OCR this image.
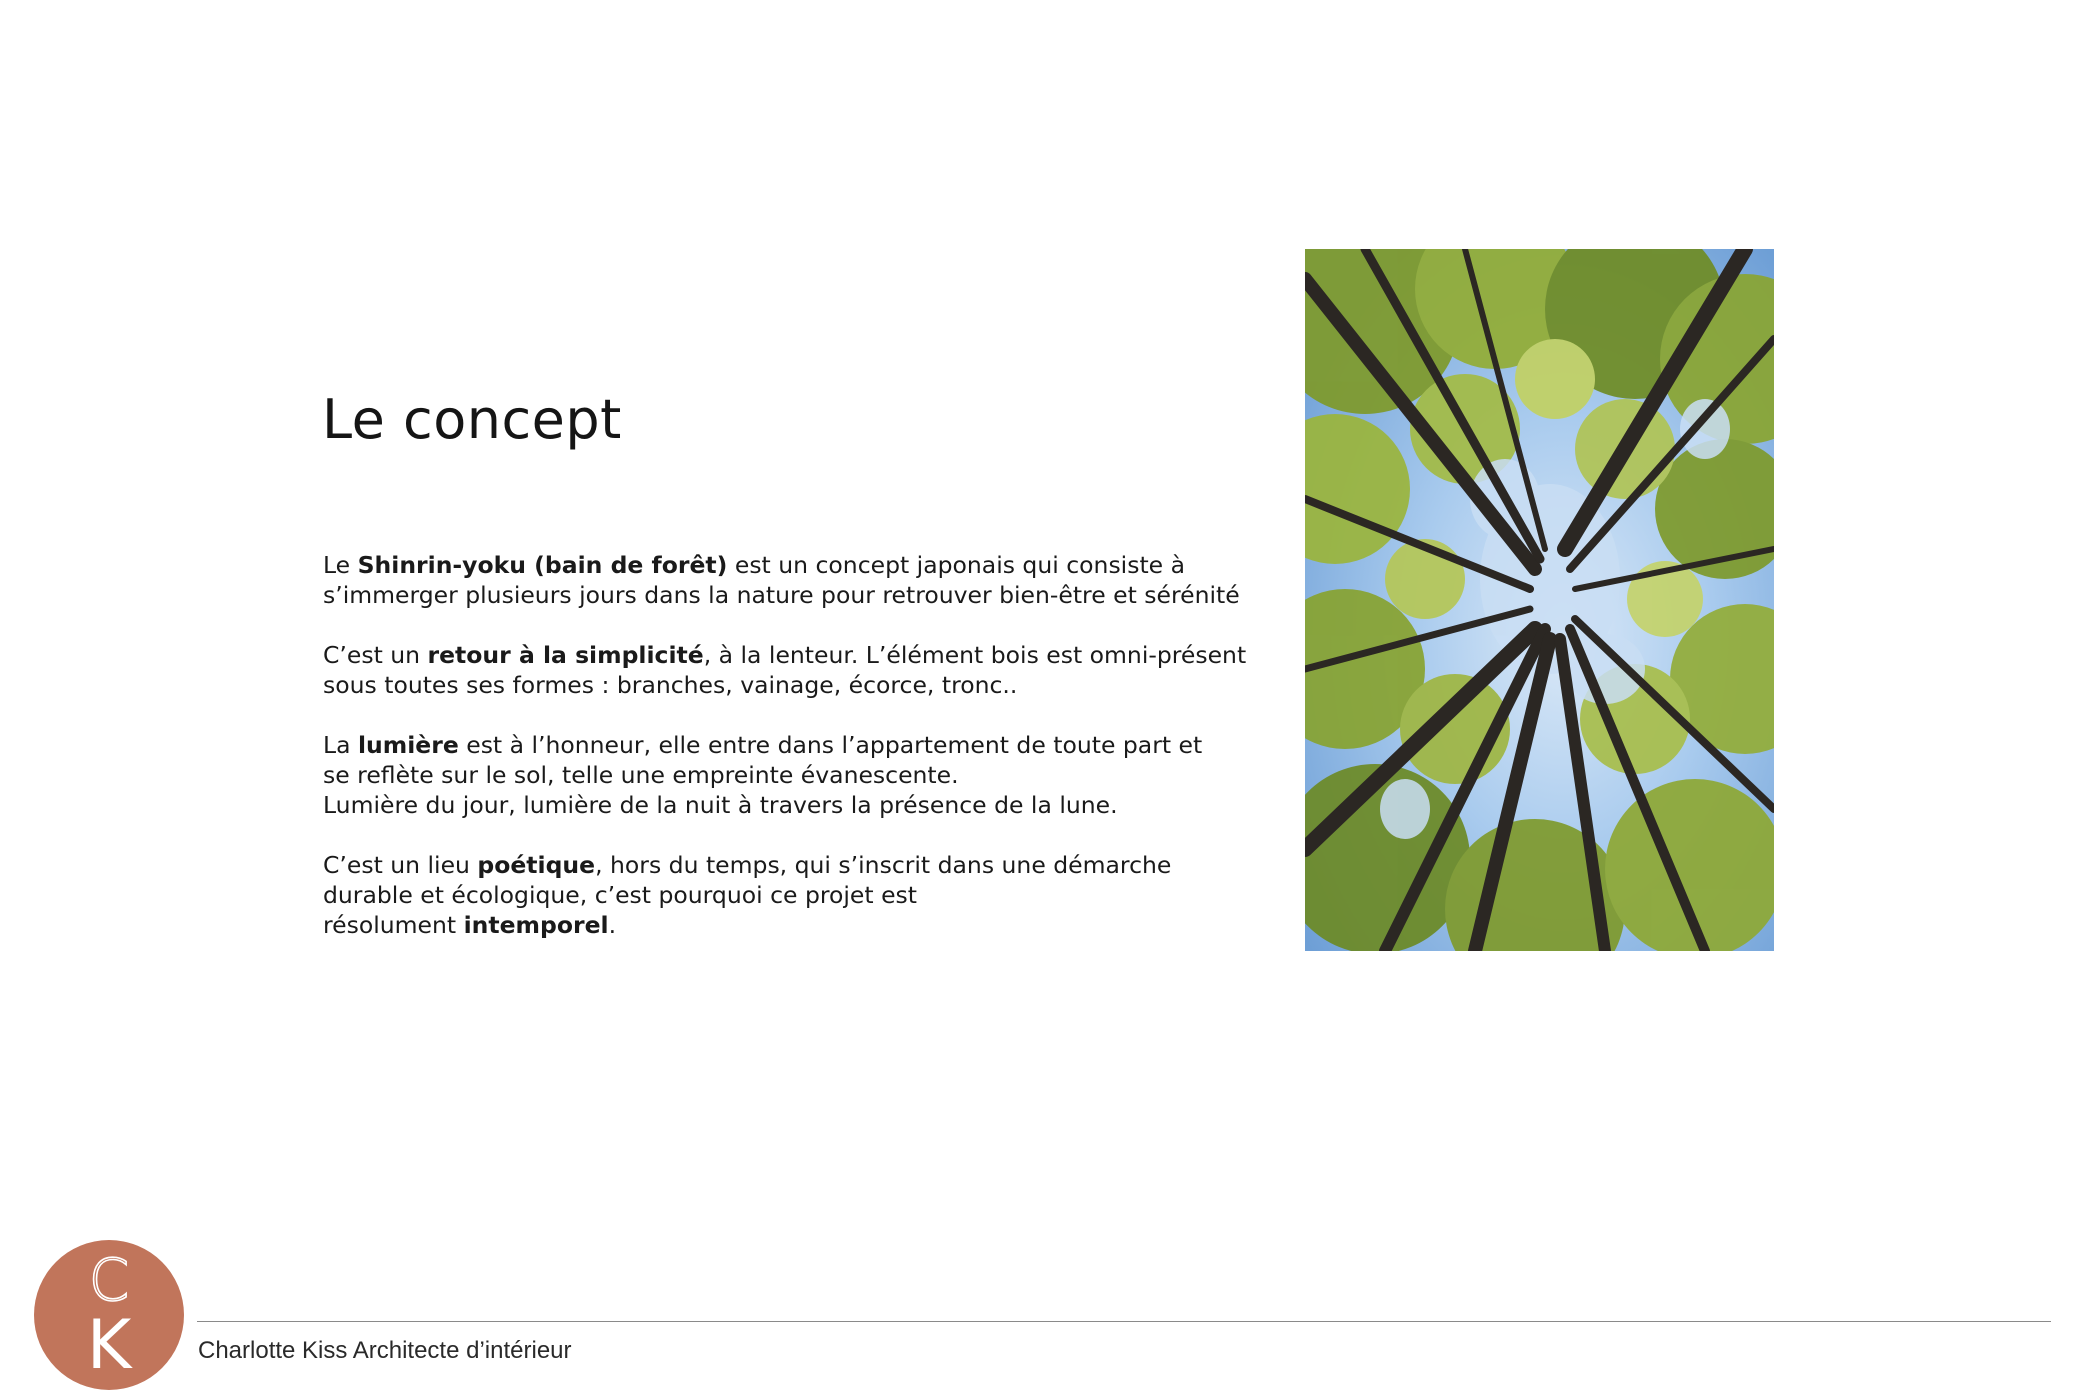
Le concept

Le Shinrin-yoku (bain de forêt) est un concept japonais qui consiste à
s’immerger plusieurs jours dans la nature pour retrouver bien-être et sérénité

C’est un retour à la simplicité, à la lenteur. L’élément bois est omni-présent
sous toutes ses formes : branches, vainage, écorce, tronc..

La lumière est à l’honneur, elle entre dans l’appartement de toute part et
se reflète sur le sol, telle une empreinte évanescente.
Lumière du jour, lumière de la nuit à travers la présence de la lune.

C’est un lieu poétique, hors du temps, qui s’inscrit dans une démarche
durable et écologique, c’est pourquoi ce projet est
résolument intemporel.

C
K	Charlotte Kiss Architecte d’intérieur
